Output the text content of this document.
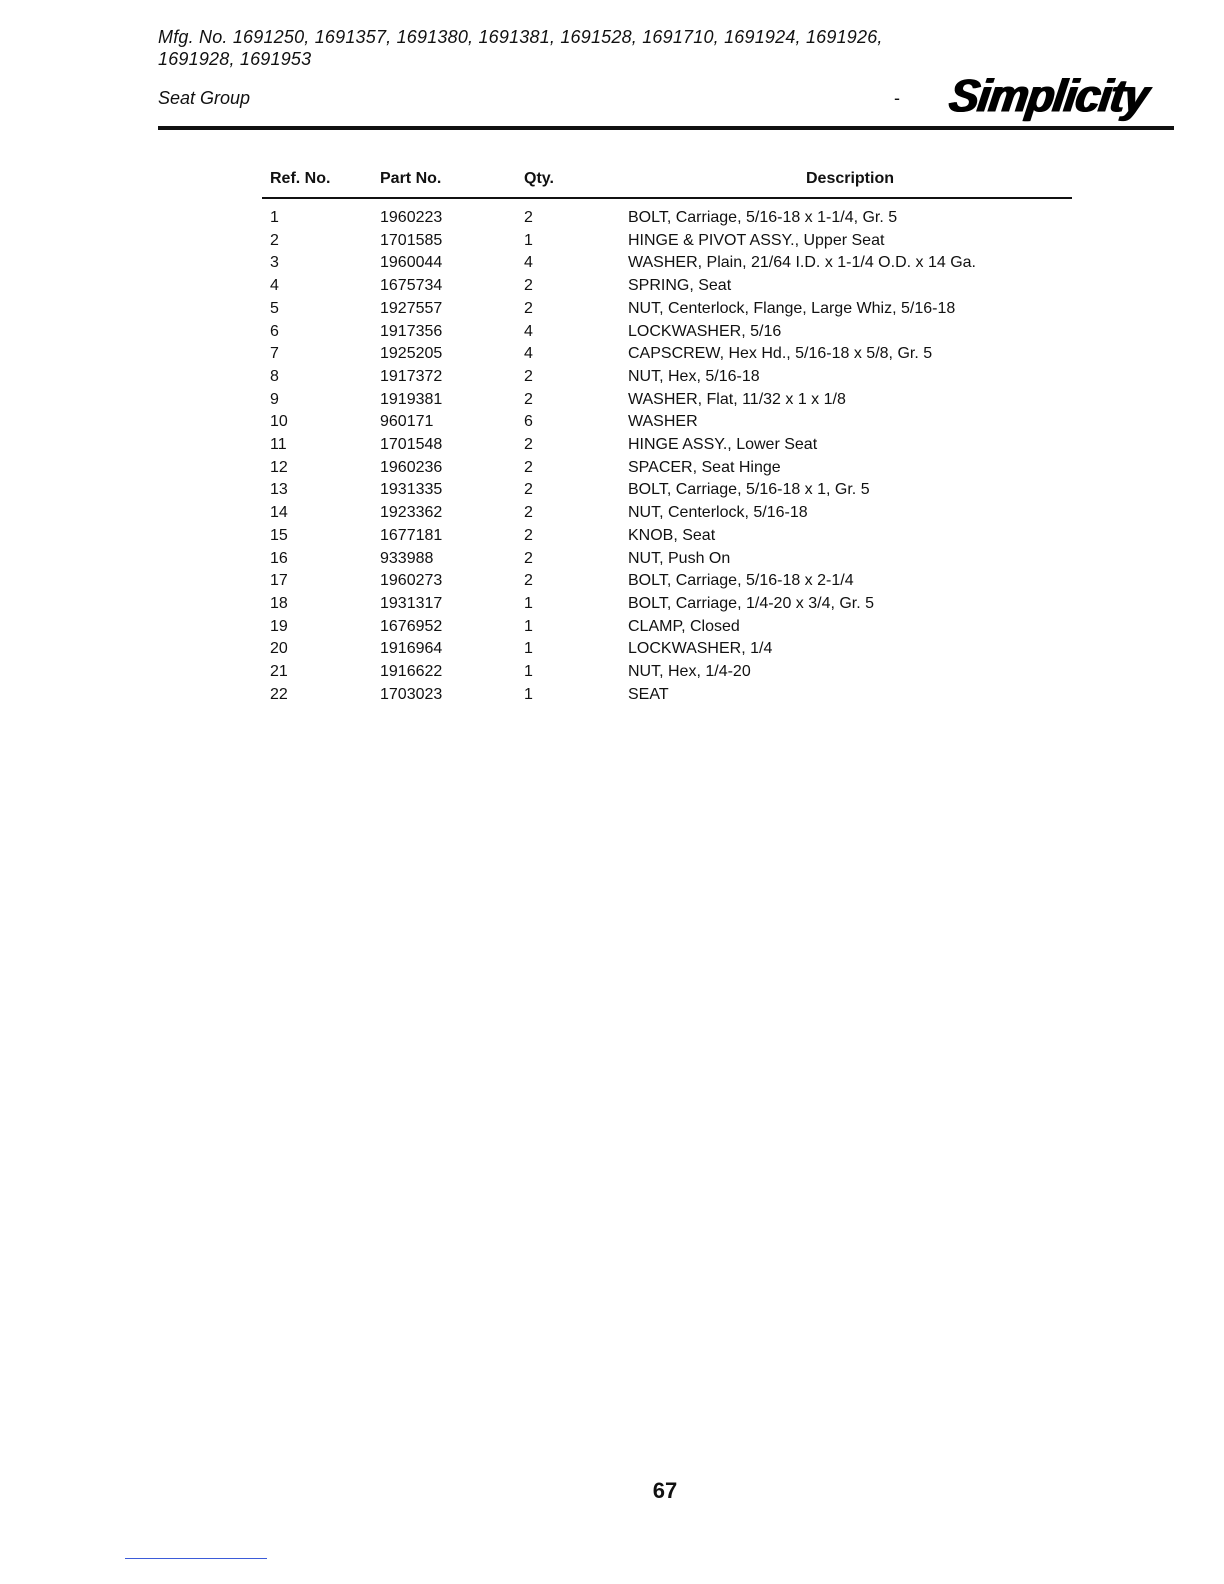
Mfg. No. 1691250, 1691357, 1691380, 1691381, 1691528, 1691710, 1691924, 1691926, 1691928, 1691953
Seat Group	- Simplicity
Ref. No.	Part No.	Qty.	Description
1	1960223	2	BOLT, Carriage, 5/16-18 x 1-1/4, Gr. 5
2	1701585	1	HINGE & PIVOT ASSY., Upper Seat
3	1960044	4	WASHER, Plain, 21/64 I.D. x 1-1/4 O.D. x 14 Ga.
4	1675734	2	SPRING, Seat
5	1927557	2	NUT, Centerlock, Flange, Large Whiz, 5/16-18
6	1917356	4	LOCKWASHER, 5/16
7	1925205	4	CAPSCREW, Hex Hd., 5/16-18 x 5/8, Gr. 5
8	1917372	2	NUT, Hex, 5/16-18
9	1919381	2	WASHER, Flat, 11/32 x 1 x 1/8
10	960171	6	WASHER
11	1701548	2	HINGE ASSY., Lower Seat
12	1960236	2	SPACER, Seat Hinge
13	1931335	2	BOLT, Carriage, 5/16-18 x 1, Gr. 5
14	1923362	2	NUT, Centerlock, 5/16-18
15	1677181	2	KNOB, Seat
16	933988	2	NUT, Push On
17	1960273	2	BOLT, Carriage, 5/16-18 x 2-1/4
18	1931317	1	BOLT, Carriage, 1/4-20 x 3/4, Gr. 5
19	1676952	1	CLAMP, Closed
20	1916964	1	LOCKWASHER, 1/4
21	1916622	1	NUT, Hex, 1/4-20
22	1703023	1	SEAT
67
